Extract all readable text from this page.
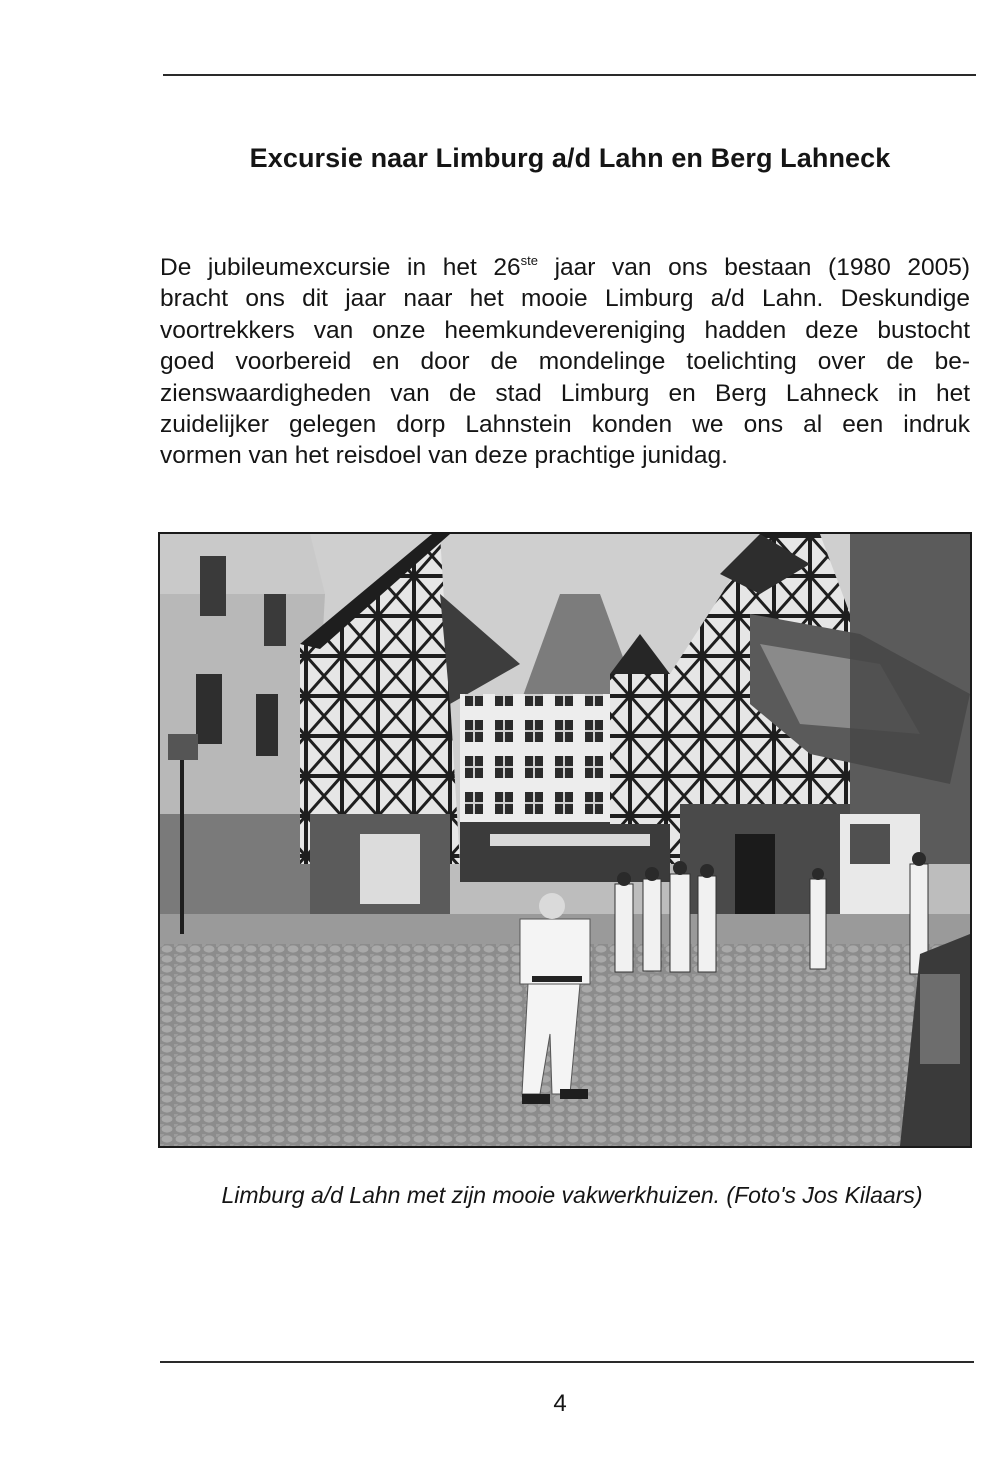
Excursie naar Limburg a/d Lahn en Berg Lahneck
De jubileumexcursie in het 26ste jaar van ons bestaan (1980 2005)
bracht ons dit jaar naar het mooie Limburg a/d Lahn. Deskundige
voortrekkers van onze heemkundevereniging hadden deze bustocht
goed voorbereid en door de mondelinge toelichting over de be-
zienswaardigheden van de stad Limburg en Berg Lahneck in het
zuidelijker gelegen dorp Lahnstein konden we ons al een indruk
vormen van het reisdoel van deze prachtige junidag.
Limburg a/d Lahn met zijn mooie vakwerkhuizen. (Foto's Jos Kilaars)
4
